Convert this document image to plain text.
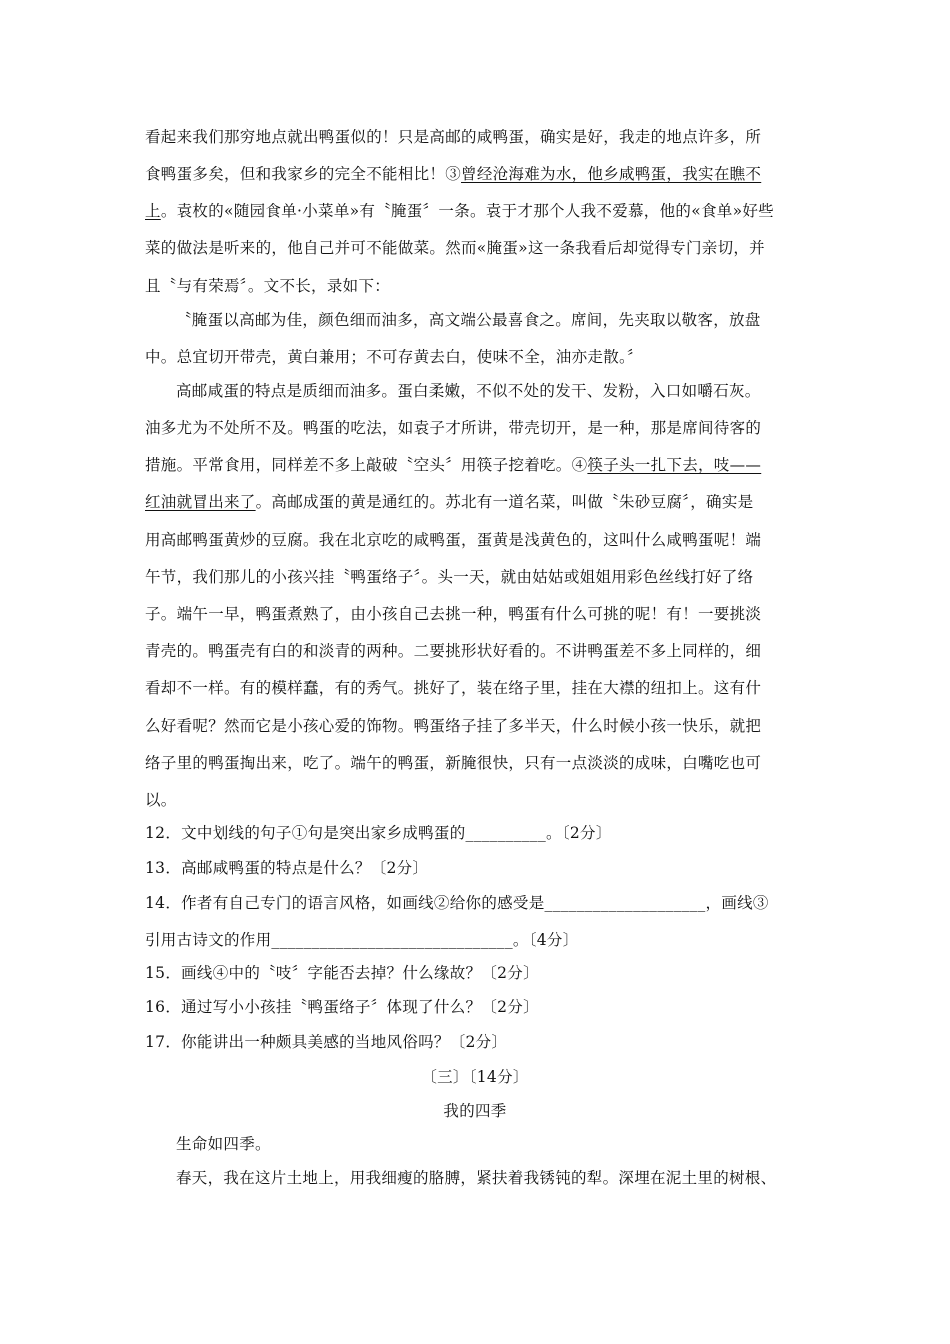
看起来我们那穷地点就出鸭蛋似的！只是高邮的咸鸭蛋，确实是好，我走的地点许多，所
食鸭蛋多矣，但和我家乡的完全不能相比！③曾经沧海难为水，他乡咸鸭蛋，我实在瞧不
上。袁枚的«随园食单·小菜单»有〝腌蛋〞一条。袁于才那个人我不爱慕，他的«食单»好些
菜的做法是听来的，他自己并可不能做菜。然而«腌蛋»这一条我看后却觉得专门亲切，并
且〝与有荣焉〞。文不长，录如下：
〝腌蛋以高邮为佳，颜色细而油多，高文端公最喜食之。席间，先夹取以敬客，放盘
中。总宜切开带壳，黄白兼用；不可存黄去白，使味不全，油亦走散。〞
高邮咸蛋的特点是质细而油多。蛋白柔嫩，不似不处的发干、发粉，入口如嚼石灰。
油多尤为不处所不及。鸭蛋的吃法，如袁子才所讲，带壳切开，是一种，那是席间待客的
措施。平常食用，同样差不多上敲破〝空头〞用筷子挖着吃。④筷子头一扎下去，吱——
红油就冒出来了。高邮成蛋的黄是通红的。苏北有一道名菜，叫做〝朱砂豆腐〞，确实是
用高邮鸭蛋黄炒的豆腐。我在北京吃的咸鸭蛋，蛋黄是浅黄色的，这叫什么咸鸭蛋呢！端
午节，我们那儿的小孩兴挂〝鸭蛋络子〞。头一天，就由姑姑或姐姐用彩色丝线打好了络
子。端午一早，鸭蛋煮熟了，由小孩自己去挑一种，鸭蛋有什么可挑的呢！有！一要挑淡
青壳的。鸭蛋壳有白的和淡青的两种。二要挑形状好看的。不讲鸭蛋差不多上同样的，细
看却不一样。有的模样蠢，有的秀气。挑好了，装在络子里，挂在大襟的纽扣上。这有什
么好看呢？然而它是小孩心爱的饰物。鸭蛋络子挂了多半天，什么时候小孩一快乐，就把
络子里的鸭蛋掏出来，吃了。端午的鸭蛋，新腌很快，只有一点淡淡的成味，白嘴吃也可
以。
12．文中划线的句子①句是突出家乡成鸭蛋的__________。〔2分〕
13．高邮咸鸭蛋的特点是什么？〔2分〕
14．作者有自己专门的语言风格，如画线②给你的感受是____________________，画线③
引用古诗文的作用______________________________。〔4分〕
15．画线④中的〝吱〞字能否去掉？什么缘故？〔2分〕
16．通过写小小孩挂〝鸭蛋络子〞体现了什么？〔2分〕
17．你能讲出一种颇具美感的当地风俗吗？〔2分〕
〔三〕〔14分〕
我的四季
生命如四季。
春天，我在这片土地上，用我细瘦的胳膊，紧扶着我锈钝的犁。深埋在泥土里的树根、
